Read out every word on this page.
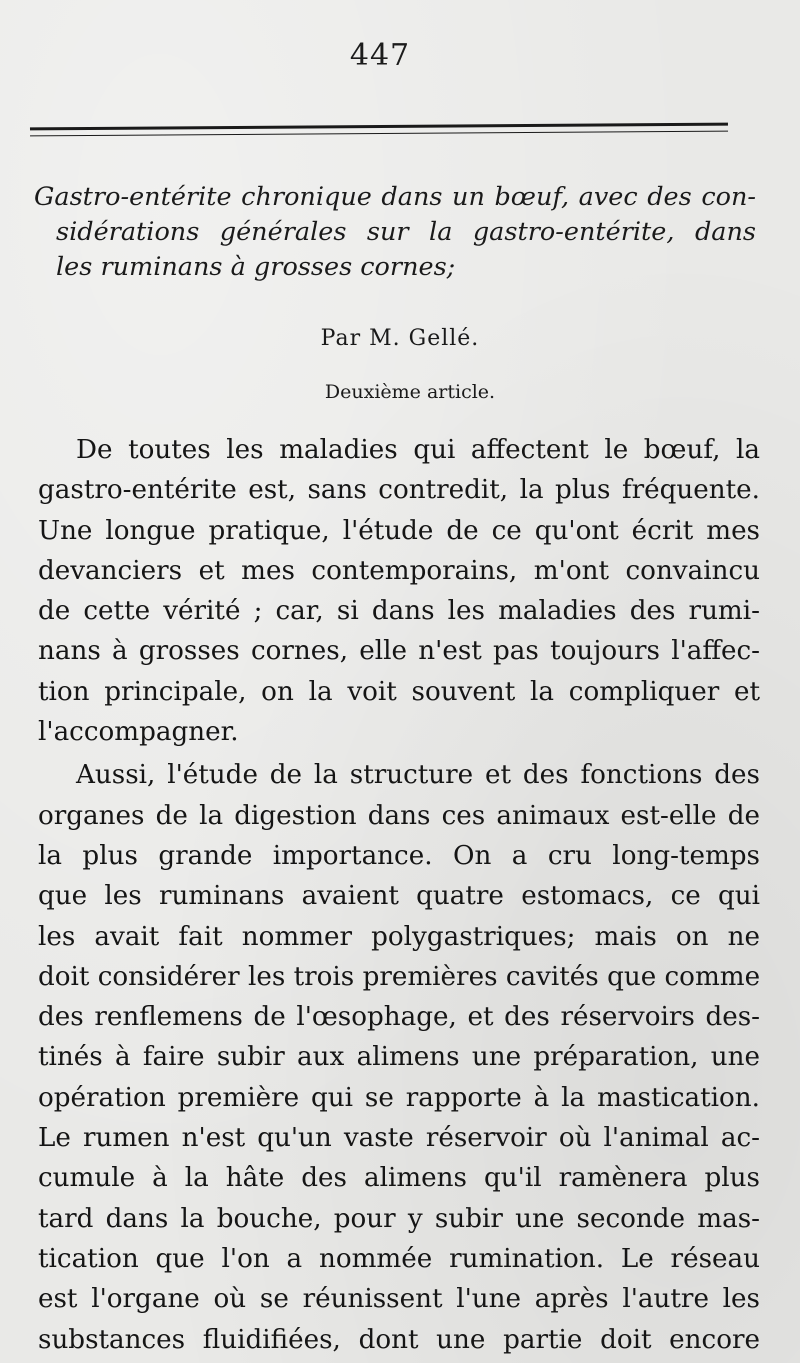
447
Gastro-entérite chronique dans un bœuf, avec des con-
sidérations générales sur la gastro-entérite, dans
les ruminans à grosses cornes;
Par M. Gellé.
Deuxième article.

De toutes les maladies qui affectent le bœuf, la
gastro-entérite est, sans contredit, la plus fréquente.
Une longue pratique, l'étude de ce qu'ont écrit mes
devanciers et mes contemporains, m'ont convaincu
de cette vérité ; car, si dans les maladies des rumi-
nans à grosses cornes, elle n'est pas toujours l'affec-
tion principale, on la voit souvent la compliquer et
l'accompagner.

Aussi, l'étude de la structure et des fonctions des
organes de la digestion dans ces animaux est-elle de
la plus grande importance. On a cru long-temps
que les ruminans avaient quatre estomacs, ce qui
les avait fait nommer polygastriques; mais on ne
doit considérer les trois premières cavités que comme
des renflemens de l'œsophage, et des réservoirs des-
tinés à faire subir aux alimens une préparation, une
opération première qui se rapporte à la mastication.
Le rumen n'est qu'un vaste réservoir où l'animal ac-
cumule à la hâte des alimens qu'il ramènera plus
tard dans la bouche, pour y subir une seconde mas-
tication que l'on a nommée rumination. Le réseau
est l'organe où se réunissent l'une après l'autre les
substances fluidifiées, dont une partie doit encore
